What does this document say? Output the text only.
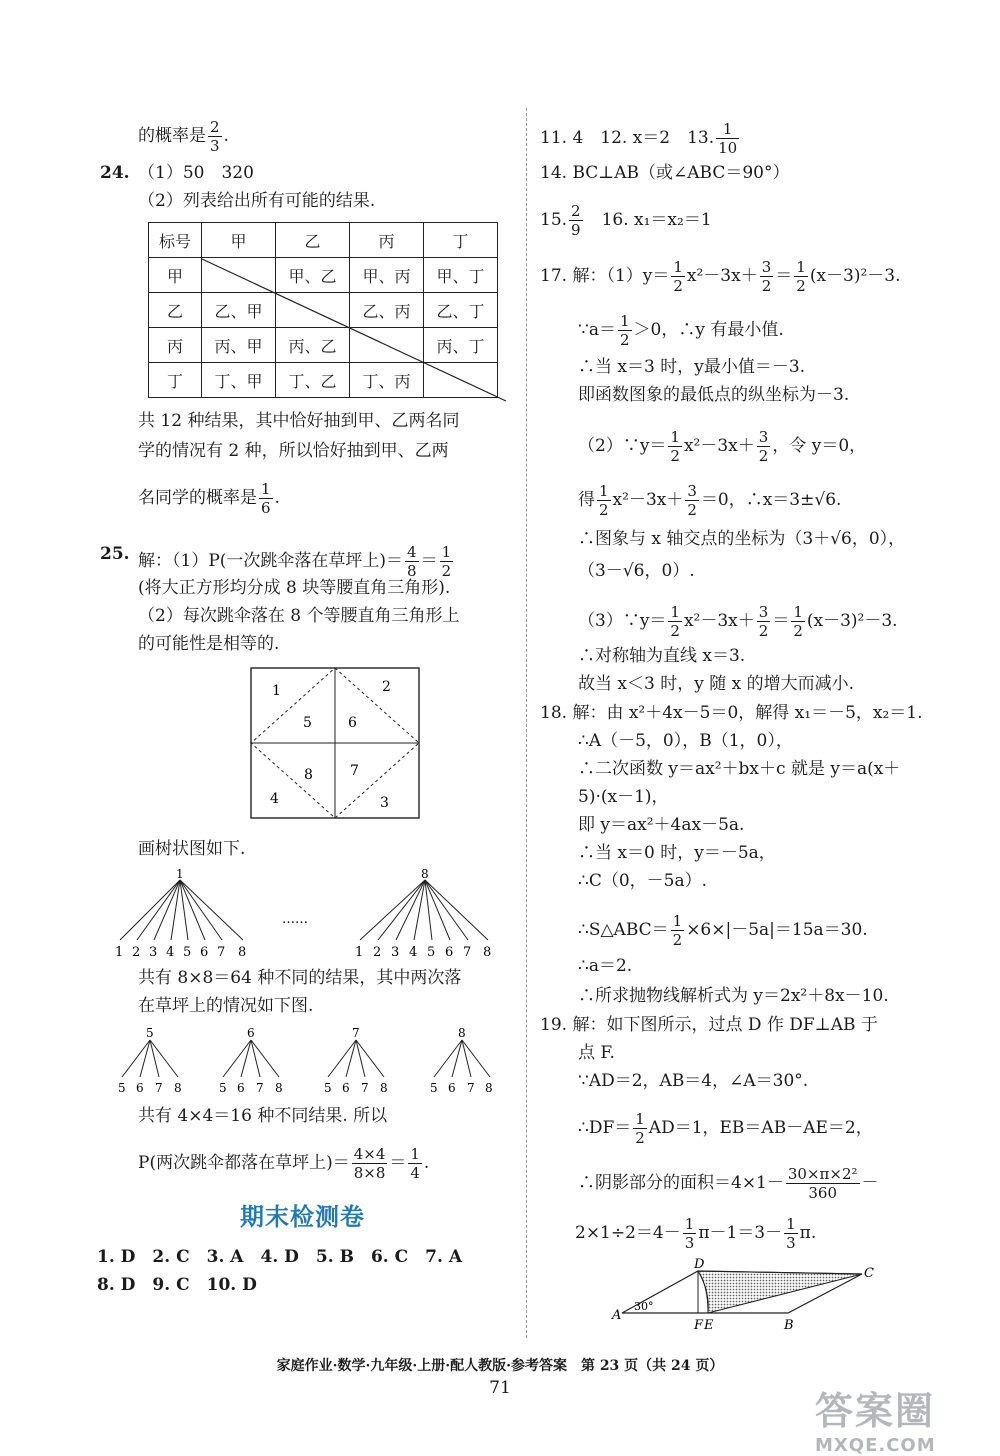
的概率是 $\frac{2}{3}$ .
24. （1）50　320
（2）列表给出所有可能的结果.
标号	甲	乙	丙	丁
甲		甲、乙	甲、丙	甲、丁
乙	乙、甲		乙、丙	乙、丁
丙	丙、甲	丙、乙		丙、丁
丁	丁、甲	丁、乙	丁、丙	
共 12 种结果，其中恰好抽到甲、乙两名同
学的情况有 2 种，所以恰好抽到甲、乙两
名同学的概率是 $\frac{1}{6}$ .
25. 解：（1）P(一次跳伞落在草坪上)＝ $\frac{4}{8} = \frac{1}{2}$
(将大正方形均分成 8 块等腰直角三角形).
（2）每次跳伞落在 8 个等腰直角三角形上
的可能性是相等的.
1	2
5	6
8	7
4	3
画树状图如下.
1
1 2 3 4 5 6 7 8
……
8
1 2 3 4 5 6 7 8
共有 8×8＝64 种不同的结果，其中两次落
在草坪上的情况如下图.
5	6	7	8
5 6 7 8	5 6 7 8	5 6 7 8	5 6 7 8
共有 4×4＝16 种不同结果. 所以
P(两次跳伞都落在草坪上)＝ $\frac{4\times 4}{8\times 8} = \frac{1}{4}$ .
期末检测卷
1. D　 2. C　 3. A　 4. D　 5. B　 6. C　 7. A
8. D　 9. C　 10. D
11. 4　12. x＝2　13. $\frac{1}{10}$
14. BC⊥AB（或∠ABC＝90°）
15. $\frac{2}{9}$
　 16. x₁＝x₂＝1
17. 解：$(1)y= \frac{1}{2} x^2-3x+ \frac{3}{2} = \frac{1}{2} (x-3)^2-3$.
∵a＝ $\frac{1}{2} >0$，∴y 有最小值.
∴当 x＝3 时，y最小值＝－3.
即函数图象的最低点的纵坐标为－3.
（2）∵y＝ $\frac{1}{2} x^2-3x+ \frac{3}{2}$ ，令 y＝0，
得 $\frac{1}{2} x^2-3x+ \frac{3}{2} =0$，∴x＝3±√6.
∴图象与 x 轴交点的坐标为（3＋√6，0），
（3－√6，0）.
（3）∵y＝ $\frac{1}{2} x^2-3x+ \frac{3}{2} = \frac{1}{2} (x-3)^2-3$.
∴对称轴为直线 x＝3.
故当 x＜3 时，y 随 x 的增大而减小.
18. 解：由 x²＋4x－5＝0，解得 x₁＝－5，x₂＝1.
∴A（－5，0），B（1，0），
∴二次函数 y＝ax²＋bx＋c 就是 y＝a(x＋
5)·(x－1)，
即 y＝ax²＋4ax－5a.
∴当 x＝0 时，y＝－5a，
∴C（0，－5a）.
∴S△ABC＝ $\frac{1}{2} \times 6\times|-5a|=15a=30$.
∴a＝2.
∴所求抛物线解析式为 y＝2x²＋8x－10.
19. 解：如下图所示，过点 D 作 DF⊥AB 于
点 F.
∵AD＝2，AB＝4，∠A＝30°.
∴DF＝ $\frac{1}{2} AD=1$，EB＝AB－AE＝2，
∴阴影部分的面积$=4\times 1- \frac{\text{30×π×2²}}{360}$ －
$2\times 1\div 2=4- \frac{1}{3} \pi-1=3- \frac{1}{3} \pi$.
D
C
A
30°
F E	B
家庭作业·数学·九年级·上册·配人教版·参考答案　第 23 页（共 24 页）
71
答案圈
MXQE.COM
